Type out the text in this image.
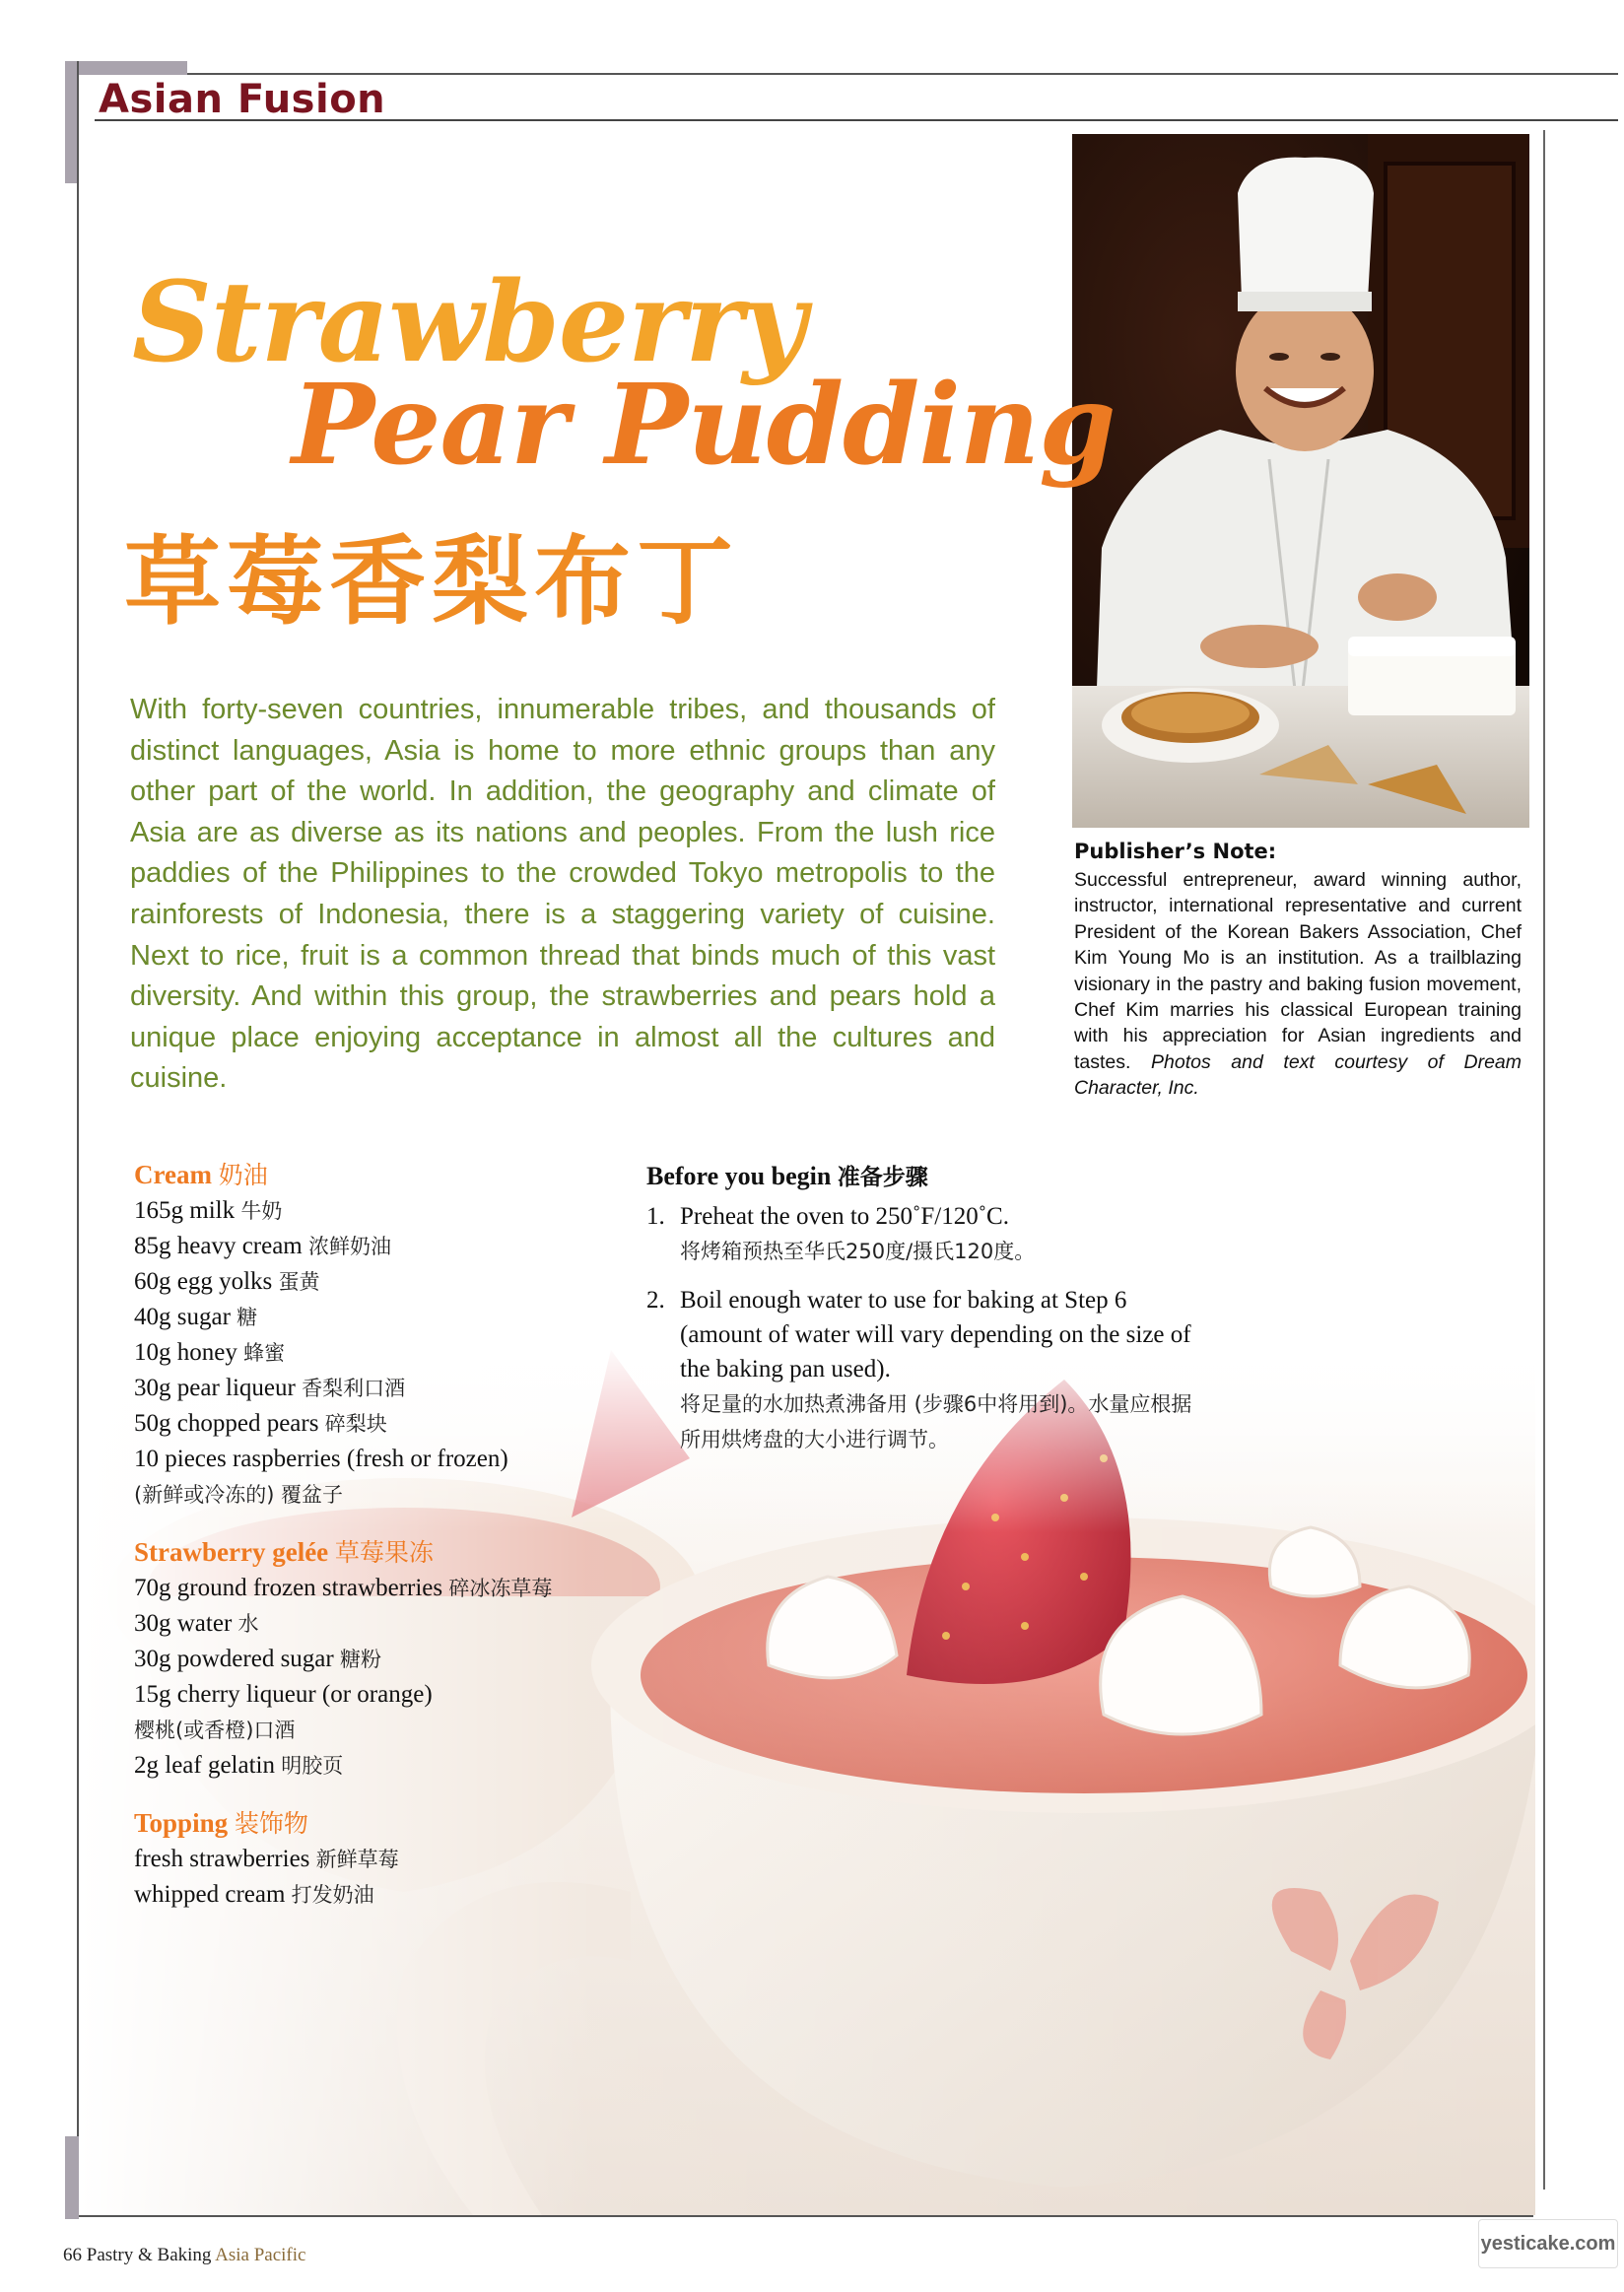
Asian Fusion
Strawberry
Pear Pudding
草莓香梨布丁
With forty-seven countries, innumerable tribes, and thousands of distinct languages, Asia is home to more ethnic groups than any other part of the world. In addition, the geography and climate of Asia are as diverse as its nations and peoples. From the lush rice paddies of the Philippines to the crowded Tokyo metropolis to the rainforests of Indonesia, there is a staggering variety of cuisine. Next to rice, fruit is a common thread that binds much of this vast diversity. And within this group, the strawberries and pears hold a unique place enjoying acceptance in almost all the cultures and cuisine.
Publisher’s Note:
Successful entrepreneur, award winning author, instructor, international representative and current President of the Korean Bakers Association, Chef Kim Young Mo is an institution. As a trailblazing visionary in the pastry and baking fusion movement, Chef Kim marries his classical European training with his appreciation for Asian ingredients and tastes. Photos and text courtesy of Dream Character, Inc.
Cream 奶油
165g milk 牛奶
85g heavy cream 浓鲜奶油
60g egg yolks 蛋黄
40g sugar 糖
10g honey 蜂蜜
30g pear liqueur 香梨利口酒
50g chopped pears 碎梨块
10 pieces raspberries (fresh or frozen)
(新鲜或冷冻的) 覆盆子
Strawberry gelée 草莓果冻
70g ground frozen strawberries 碎冰冻草莓
30g water 水
30g powdered sugar 糖粉
15g cherry liqueur (or orange)
樱桃(或香橙)口酒
2g leaf gelatin 明胶页
Topping 装饰物
fresh strawberries 新鲜草莓
whipped cream 打发奶油
Before you begin 准备步骤
1. Preheat the oven to 250˚F/120˚C.
将烤箱预热至华氏250度/摄氏120度。
2. Boil enough water to use for baking at Step 6 (amount of water will vary depending on the size of the baking pan used).
将足量的水加热煮沸备用 (步骤6中将用到)。水量应根据所用烘烤盘的大小进行调节。
66 Pastry & Baking Asia Pacific
yesticake.com
